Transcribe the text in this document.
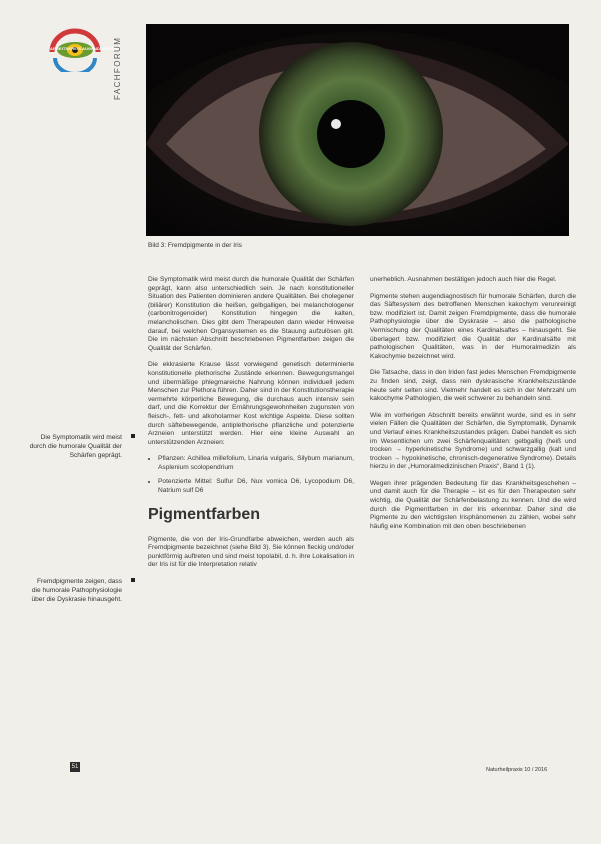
ARBEITSKREIS AUGENDIAGNOSE
FACHFORUM
Bild 3: Fremdpigmente in der Iris
Die Symptomatik wird meist durch die humorale Qualität der Schärfen geprägt.
Fremdpigmente zeigen, dass die humorale Pathophysiologie über die Dyskrasie hinausgeht.

Die Symptomatik wird meist durch die humorale Qualität der Schärfen geprägt, kann also unterschiedlich sein. Je nach konstitutioneller Situation des Patienten dominieren andere Qualitäten. Bei cholegener (biliärer) Konstitution die heißen, gelbgalligen, bei melanchologener (carbonitrogenoider) Konstitution hingegen die kalten, melancholischen. Dies gibt dem Therapeuten dann wieder Hinweise darauf, bei welchen Organsystemen es die Stauung aufzulösen gilt. Die im nächsten Abschnitt beschriebenen Pigmentfarben zeigen die Qualität der Schärfen.

Die ekkrasierte Krause lässt vorwiegend genetisch determinierte konstitutionelle plethorische Zustände erkennen. Bewegungsmangel und übermäßige phlegmareiche Nahrung können individuell jedem Menschen zur Plethora führen. Daher sind in der Konstitutionstherapie vermehrte körperliche Bewegung, die durchaus auch intensiv sein darf, und die Korrektur der Ernährungsgewohnheiten zugunsten von fleisch-, fett- und alkoholarmer Kost wichtige Aspekte. Diese sollten durch säftebewegende, antiplethorische pflanzliche und potenzierte Arzneien unterstützt werden. Hier eine kleine Auswahl an unterstützenden Arzneien:

• Pflanzen: Achillea millefolium, Linaria vulgaris, Silybum marianum, Asplenium scolopendrium
• Potenzierte Mittel: Sulfur D6, Nux vomica D6, Lycopodium D6, Natrium sulf D6
Pigmentfarben

Pigmente, die von der Iris-Grundfarbe abweichen, werden auch als Fremdpigmente bezeichnet (siehe Bild 3). Sie können fleckig und/oder punktförmig auftreten und sind meist topolabil, d. h. ihre Lokalisation in der Iris ist für die Interpretation relativ

unerheblich. Ausnahmen bestätigen jedoch auch hier die Regel.

Pigmente stehen augendiagnostisch für humorale Schärfen, durch die das Säftesystem des betroffenen Menschen kakochym verunreinigt bzw. modifiziert ist. Damit zeigen Fremdpigmente, dass die humorale Pathophysiologie über die Dyskrasie – also die pathologische Vermischung der Qualitäten eines Kardinalsaftes – hinausgeht. Sie überlagert bzw. modifiziert die Qualität der Kardinalsäfte mit pathologischen Qualitäten, was in der Humoralmedizin als Kakochymie bezeichnet wird.

Die Tatsache, dass in den Iriden fast jedes Menschen Fremdpigmente zu finden sind, zeigt, dass rein dyskrasische Krankheitszustände heute sehr selten sind. Vielmehr handelt es sich in der Mehrzahl um kakochyme Pathologien, die weit schwerer zu behandeln sind.

Wie im vorherigen Abschnitt bereits erwähnt wurde, sind es in sehr vielen Fällen die Qualitäten der Schärfen, die Symptomatik, Dynamik und Verlauf eines Krankheitszustandes prägen. Dabei handelt es sich im Wesentlichen um zwei Schärfenqualitäten: gelbgallig (heiß und trocken → hyperkinetische Syndrome) und schwarzgallig (kalt und trocken → hypokinetische, chronisch-degenerative Syndrome). Details hierzu in der „Humoralmedizinischen Praxis“, Band 1 (1).

Wegen ihrer prägenden Bedeutung für das Krankheitsgeschehen – und damit auch für die Therapie – ist es für den Therapeuten sehr wichtig, die Qualität der Schärfenbelastung zu kennen. Und die wird durch die Pigmentfarben in der Iris erkennbar. Daher sind die Pigmente zu den wichtigsten Irisphänomenen zu zählen, wobei sehr häufig eine Kombination mit den oben beschriebenen

51	Naturheilpraxis 10 / 2016
